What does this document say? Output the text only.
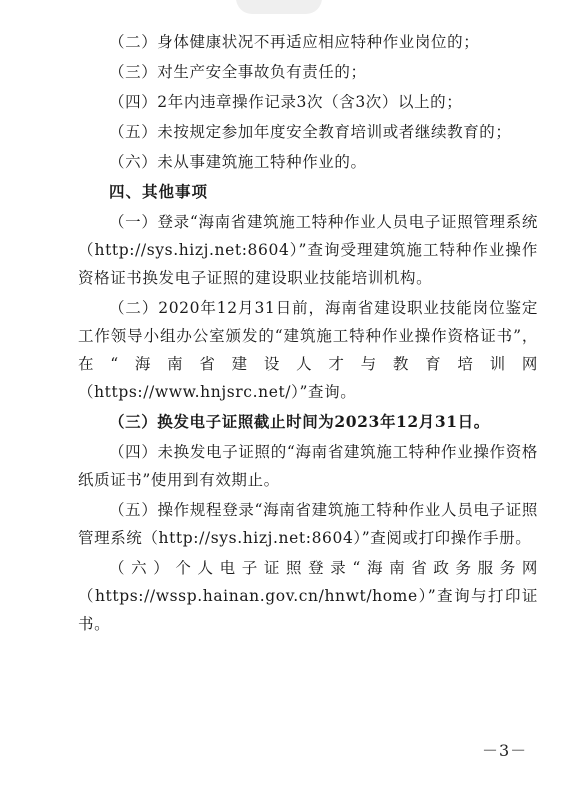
（二）身体健康状况不再适应相应特种作业岗位的；

（三）对生产安全事故负有责任的；

（四）2年内违章操作记录3次（含3次）以上的；

（五）未按规定参加年度安全教育培训或者继续教育的；

（六）未从事建筑施工特种作业的。

四、其他事项

（一）登录“海南省建筑施工特种作业人员电子证照管理系统（http://sys.hizj.net:8604）”查询受理建筑施工特种作业操作资格证书换发电子证照的建设职业技能培训机构。

（二）2020年12月31日前，海南省建设职业技能岗位鉴定工作领导小组办公室颁发的“建筑施工特种作业操作资格证书”，在“海南省建设人才与教育培训网（https://www.hnjsrc.net/）”查询。

（三）换发电子证照截止时间为2023年12月31日。

（四）未换发电子证照的“海南省建筑施工特种作业操作资格纸质证书”使用到有效期止。

（五）操作规程登录“海南省建筑施工特种作业人员电子证照管理系统（http://sys.hizj.net:8604）”查阅或打印操作手册。

（六）个人电子证照登录“海南省政务服务网（https://wssp.hainan.gov.cn/hnwt/home）”查询与打印证书。

－3－
